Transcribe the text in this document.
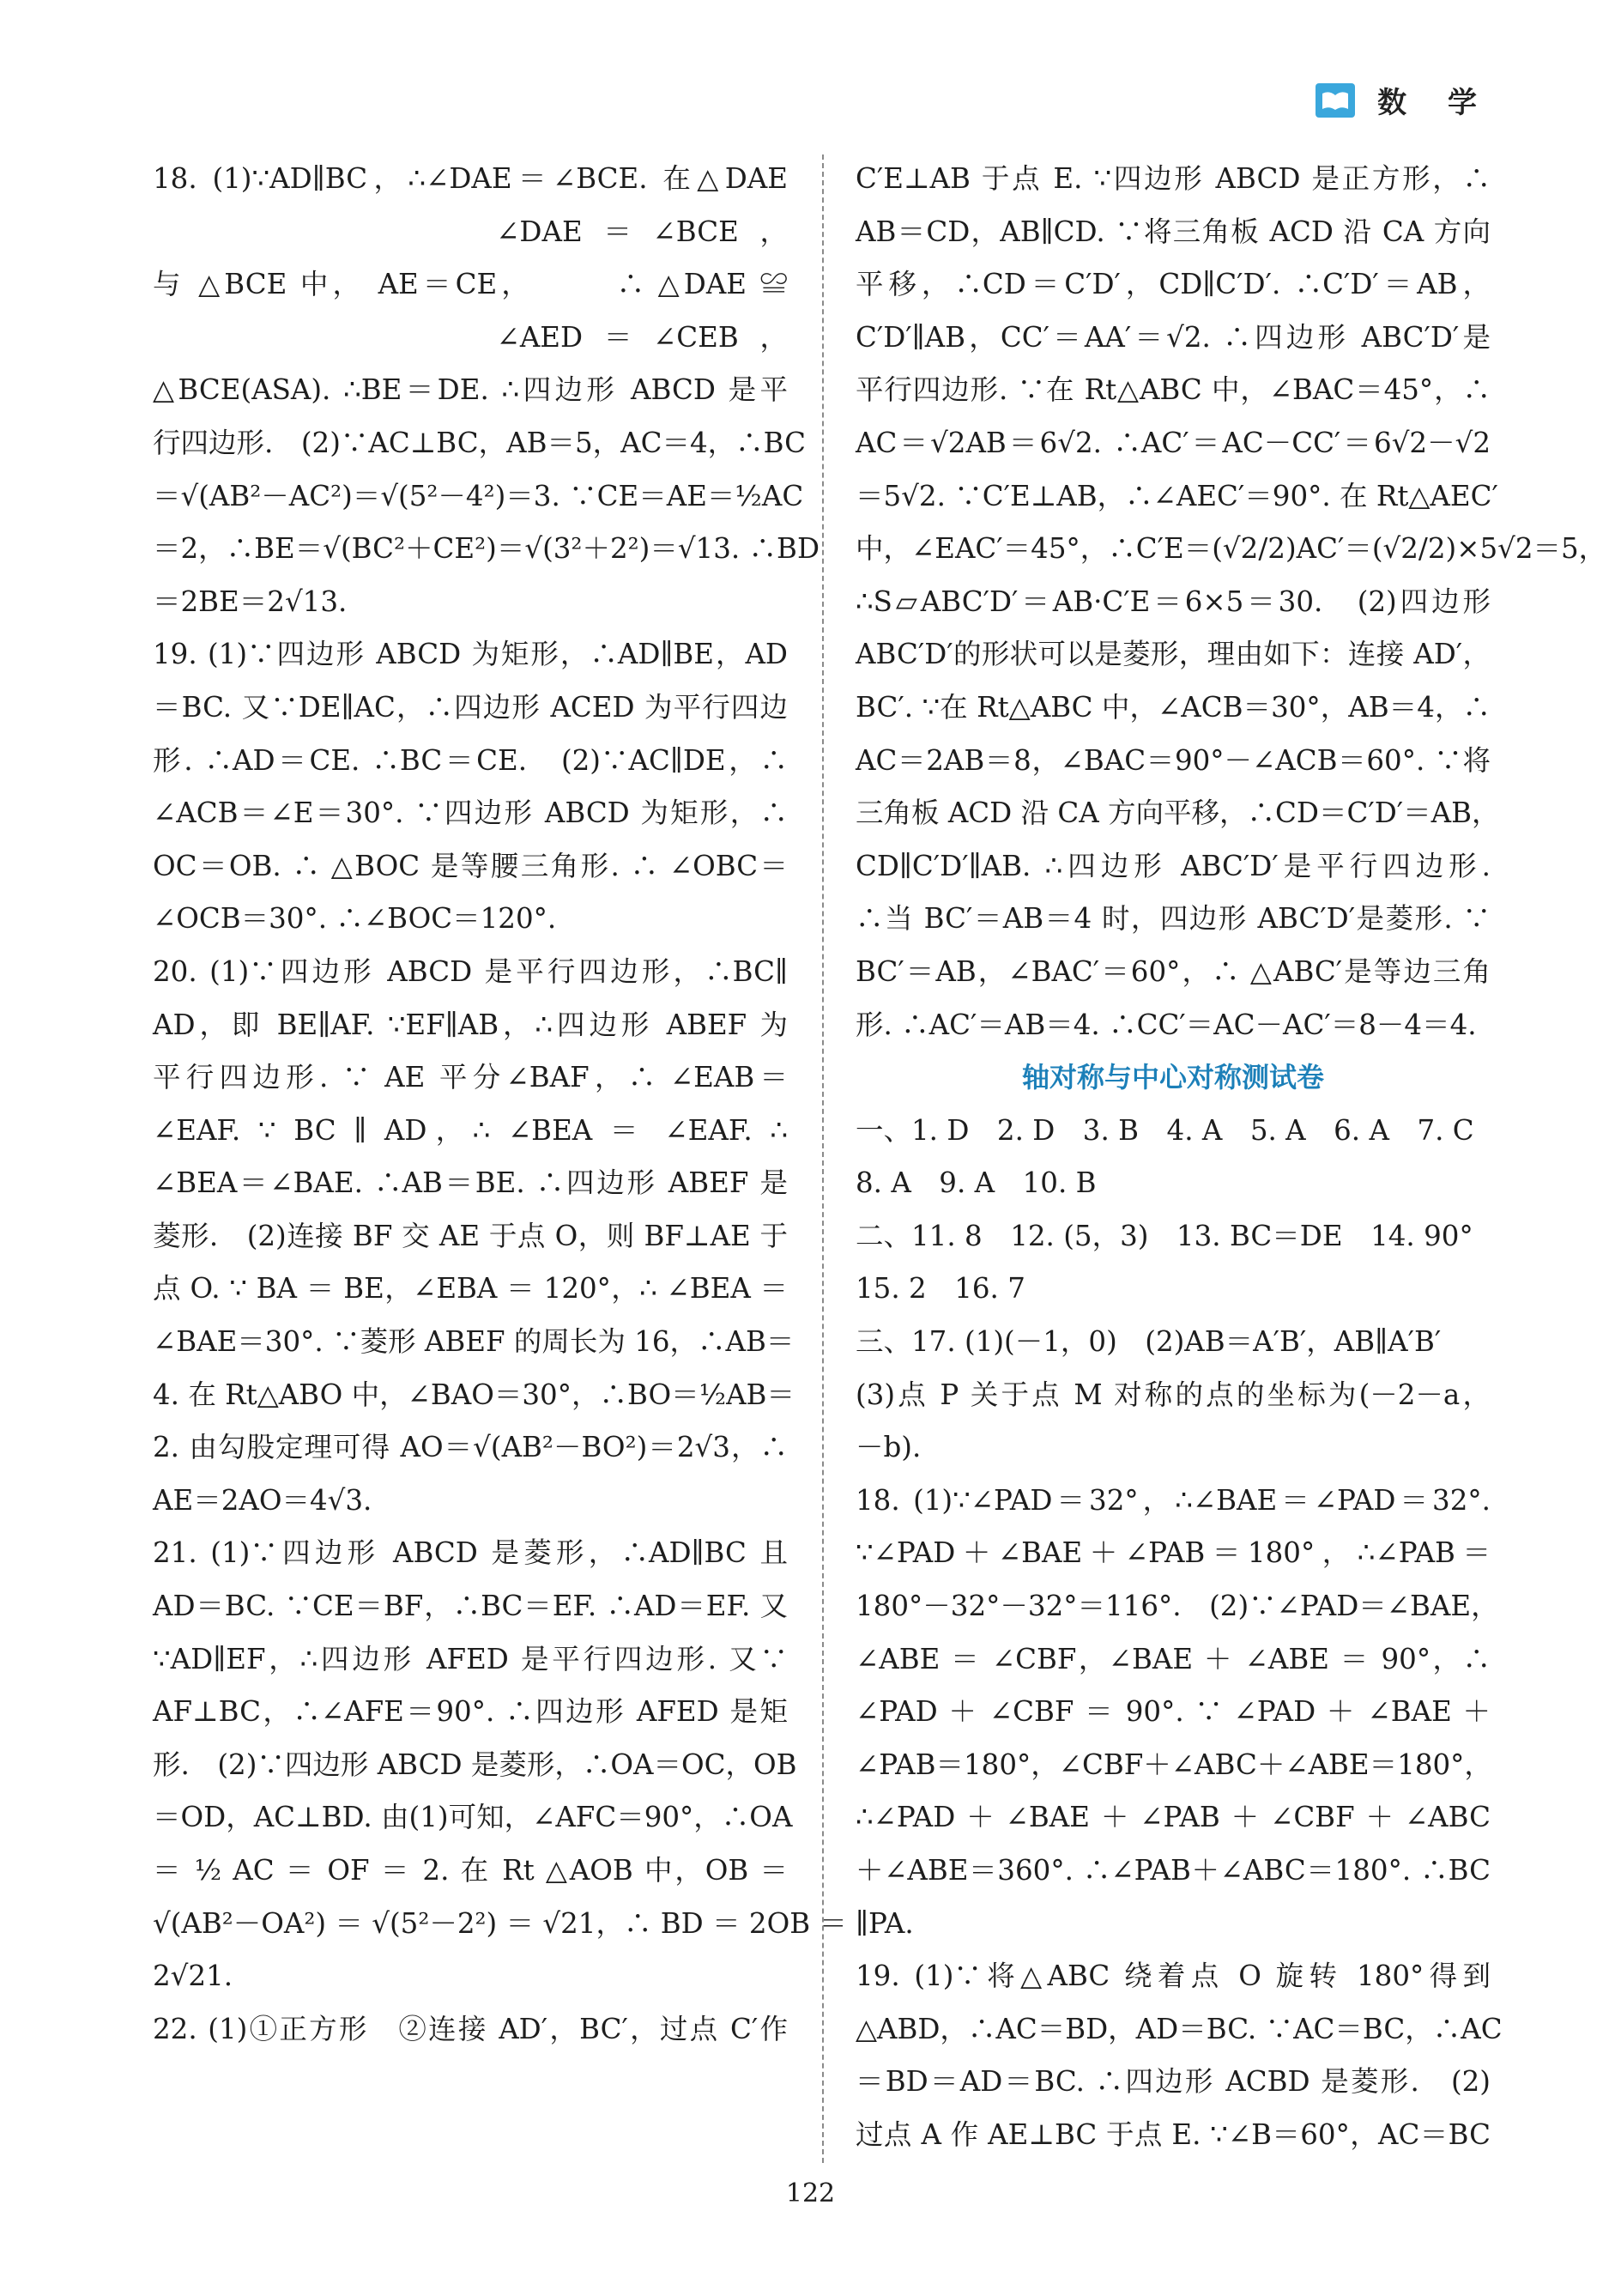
数 学
18. (1)∵AD∥BC，∴∠DAE＝∠BCE. 在△DAE
　　　　　　　∠DAE＝∠BCE，
与 △BCE 中， AE＝CE，　　　∴ △DAE ≌
　　　　　　　∠AED＝∠CEB，
△BCE(ASA). ∴BE＝DE. ∴四边形 ABCD 是平
行四边形.　(2)∵AC⊥BC，AB＝5，AC＝4，∴BC
＝√(AB²－AC²)＝√(5²－4²)＝3. ∵CE＝AE＝½AC
＝2，∴BE＝√(BC²＋CE²)＝√(3²＋2²)＝√13. ∴BD
＝2BE＝2√13.
19. (1)∵四边形 ABCD 为矩形，∴AD∥BE，AD
＝BC. 又∵DE∥AC，∴四边形 ACED 为平行四边
形. ∴AD＝CE. ∴BC＝CE.　(2)∵AC∥DE，∴
∠ACB＝∠E＝30°. ∵四边形 ABCD 为矩形，∴
OC＝OB. ∴ △BOC 是等腰三角形. ∴ ∠OBC＝
∠OCB＝30°. ∴∠BOC＝120°.
20. (1)∵四边形 ABCD 是平行四边形，∴BC∥
AD，即 BE∥AF. ∵EF∥AB，∴四边形 ABEF 为
平行四边形. ∵ AE 平分∠BAF，∴ ∠EAB＝
∠EAF. ∵ BC ∥ AD，∴ ∠BEA ＝ ∠EAF. ∴
∠BEA＝∠BAE. ∴AB＝BE. ∴四边形 ABEF 是
菱形.　(2)连接 BF 交 AE 于点 O，则 BF⊥AE 于
点 O. ∵ BA ＝ BE，∠EBA ＝ 120°，∴ ∠BEA ＝
∠BAE＝30°. ∵菱形 ABEF 的周长为 16，∴AB＝
4. 在 Rt△ABO 中，∠BAO＝30°，∴BO＝½AB＝
2. 由勾股定理可得 AO＝√(AB²－BO²)＝2√3，∴
AE＝2AO＝4√3.
21. (1)∵四边形 ABCD 是菱形，∴AD∥BC 且
AD＝BC. ∵CE＝BF，∴BC＝EF. ∴AD＝EF. 又
∵AD∥EF，∴四边形 AFED 是平行四边形. 又∵
AF⊥BC，∴∠AFE＝90°. ∴四边形 AFED 是矩
形.　(2)∵四边形 ABCD 是菱形，∴OA＝OC，OB
＝OD，AC⊥BD. 由(1)可知，∠AFC＝90°，∴OA
＝ ½ AC ＝ OF ＝ 2. 在 Rt △AOB 中，OB ＝
√(AB²－OA²) ＝ √(5²－2²) ＝ √21，∴ BD ＝ 2OB ＝
2√21.
22. (1)①正方形　②连接 AD′，BC′，过点 C′作
C′E⊥AB 于点 E. ∵四边形 ABCD 是正方形，∴
AB＝CD，AB∥CD. ∵将三角板 ACD 沿 CA 方向
平移，∴CD＝C′D′，CD∥C′D′. ∴C′D′＝AB，
C′D′∥AB，CC′＝AA′＝√2. ∴四边形 ABC′D′是
平行四边形. ∵在 Rt△ABC 中，∠BAC＝45°，∴
AC＝√2AB＝6√2. ∴AC′＝AC－CC′＝6√2－√2
＝5√2. ∵C′E⊥AB，∴∠AEC′＝90°. 在 Rt△AEC′
中，∠EAC′＝45°，∴C′E＝(√2/2)AC′＝(√2/2)×5√2＝5，
∴S▱ABC′D′＝AB·C′E＝6×5＝30.　(2)四边形
ABC′D′的形状可以是菱形，理由如下：连接 AD′，
BC′. ∵在 Rt△ABC 中，∠ACB＝30°，AB＝4，∴
AC＝2AB＝8，∠BAC＝90°－∠ACB＝60°. ∵将
三角板 ACD 沿 CA 方向平移，∴CD＝C′D′＝AB，
CD∥C′D′∥AB. ∴四边形 ABC′D′是平行四边形.
∴当 BC′＝AB＝4 时，四边形 ABC′D′是菱形. ∵
BC′＝AB，∠BAC′＝60°，∴ △ABC′是等边三角
形. ∴AC′＝AB＝4. ∴CC′＝AC－AC′＝8－4＝4.
轴对称与中心对称测试卷
一、1. D　2. D　3. B　4. A　5. A　6. A　7. C
8. A　9. A　10. B
二、11. 8　12. (5，3)　13. BC＝DE　14. 90°
15. 2　16. 7
三、17. (1)(－1，0)　(2)AB＝A′B′，AB∥A′B′
(3)点 P 关于点 M 对称的点的坐标为(－2－a，
－b).
18. (1)∵∠PAD＝32°，∴∠BAE＝∠PAD＝32°.
∵∠PAD＋∠BAE＋∠PAB＝180°，∴∠PAB＝
180°－32°－32°＝116°.　(2)∵∠PAD＝∠BAE，
∠ABE ＝ ∠CBF，∠BAE ＋ ∠ABE ＝ 90°，∴
∠PAD ＋ ∠CBF ＝ 90°. ∵ ∠PAD ＋ ∠BAE ＋
∠PAB＝180°，∠CBF＋∠ABC＋∠ABE＝180°，
∴∠PAD＋∠BAE＋∠PAB＋∠CBF＋∠ABC
＋∠ABE＝360°. ∴∠PAB＋∠ABC＝180°. ∴BC
∥PA.
19. (1)∵将△ABC 绕着点 O 旋转 180°得到
△ABD，∴AC＝BD，AD＝BC. ∵AC＝BC，∴AC
＝BD＝AD＝BC. ∴四边形 ACBD 是菱形.　(2)
过点 A 作 AE⊥BC 于点 E. ∵∠B＝60°，AC＝BC
122
